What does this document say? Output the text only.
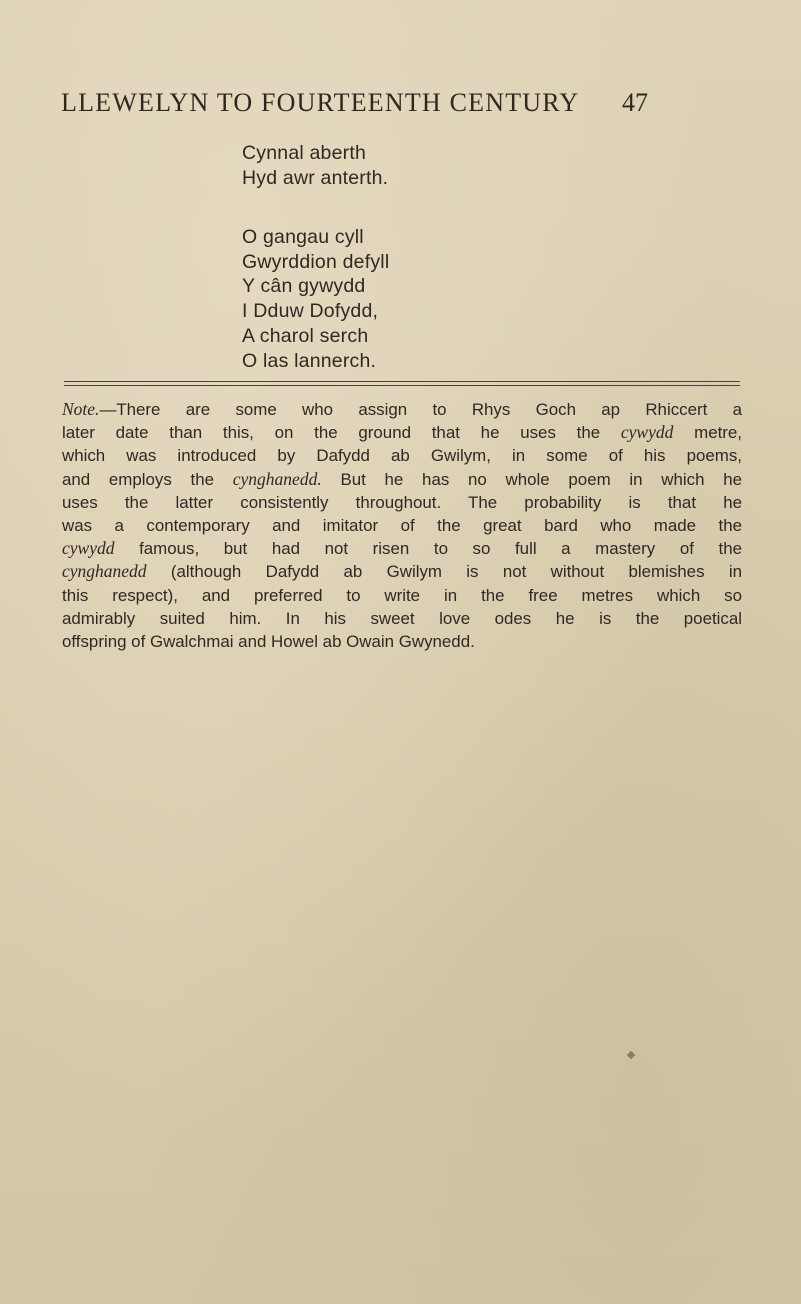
LLEWELYN TO FOURTEENTH CENTURY 47
Cynnal aberth
Hyd awr anterth.
O gangau cyll
Gwyrddion defyll
Y cân gywydd
I Dduw Dofydd,
A charol serch
O las lannerch.
Note.—There are some who assign to Rhys Goch ap Rhiccert a
later date than this, on the ground that he uses the cywydd metre,
which was introduced by Dafydd ab Gwilym, in some of his poems,
and employs the cynghanedd. But he has no whole poem in which he
uses the latter consistently throughout. The probability is that he
was a contemporary and imitator of the great bard who made the
cywydd famous, but had not risen to so full a mastery of the
cynghanedd (although Dafydd ab Gwilym is not without blemishes in
this respect), and preferred to write in the free metres which so
admirably suited him. In his sweet love odes he is the poetical
offspring of Gwalchmai and Howel ab Owain Gwynedd.
